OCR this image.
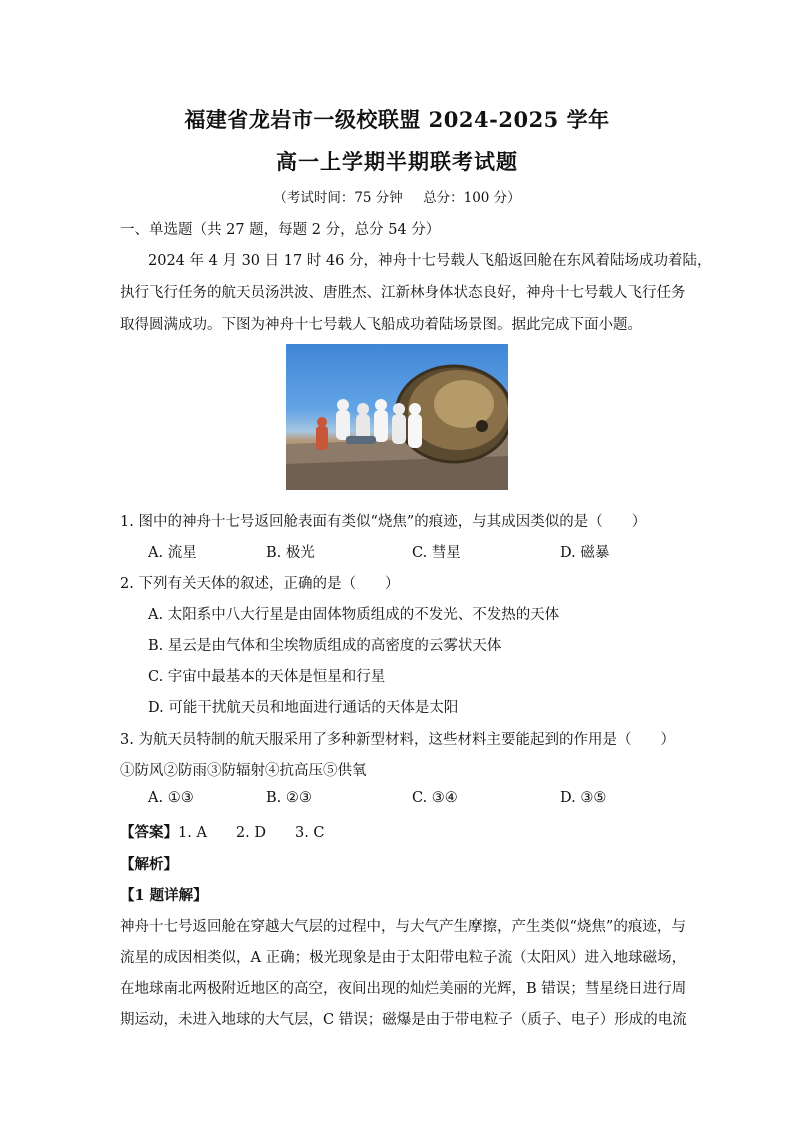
福建省龙岩市一级校联盟 2024-2025 学年
高一上学期半期联考试题
（考试时间：75 分钟 总分：100 分）
一、单选题（共 27 题，每题 2 分，总分 54 分）
2024 年 4 月 30 日 17 时 46 分，神舟十七号载人飞船返回舱在东风着陆场成功着陆，
执行飞行任务的航天员汤洪波、唐胜杰、江新林身体状态良好，神舟十七号载人飞行任务
取得圆满成功。下图为神舟十七号载人飞船成功着陆场景图。据此完成下面小题。
1. 图中的神舟十七号返回舱表面有类似“烧焦”的痕迹，与其成因类似的是（　　）
A. 流星	B. 极光	C. 彗星	D. 磁暴
2. 下列有关天体的叙述，正确的是（　　）
A. 太阳系中八大行星是由固体物质组成的不发光、不发热的天体
B. 星云是由气体和尘埃物质组成的高密度的云雾状天体
C. 宇宙中最基本的天体是恒星和行星
D. 可能干扰航天员和地面进行通话的天体是太阳
3. 为航天员特制的航天服采用了多种新型材料，这些材料主要能起到的作用是（　　）
①防风②防雨③防辐射④抗高压⑤供氧
A. ①③	B. ②③	C. ③④	D. ③⑤
【答案】1. A　　2. D　　3. C
【解析】
【1 题详解】
神舟十七号返回舱在穿越大气层的过程中，与大气产生摩擦，产生类似“烧焦”的痕迹，与
流星的成因相类似，A 正确；极光现象是由于太阳带电粒子流（太阳风）进入地球磁场，
在地球南北两极附近地区的高空，夜间出现的灿烂美丽的光辉，B 错误；彗星绕日进行周
期运动，未进入地球的大气层，C 错误；磁爆是由于带电粒子（质子、电子）形成的电流
